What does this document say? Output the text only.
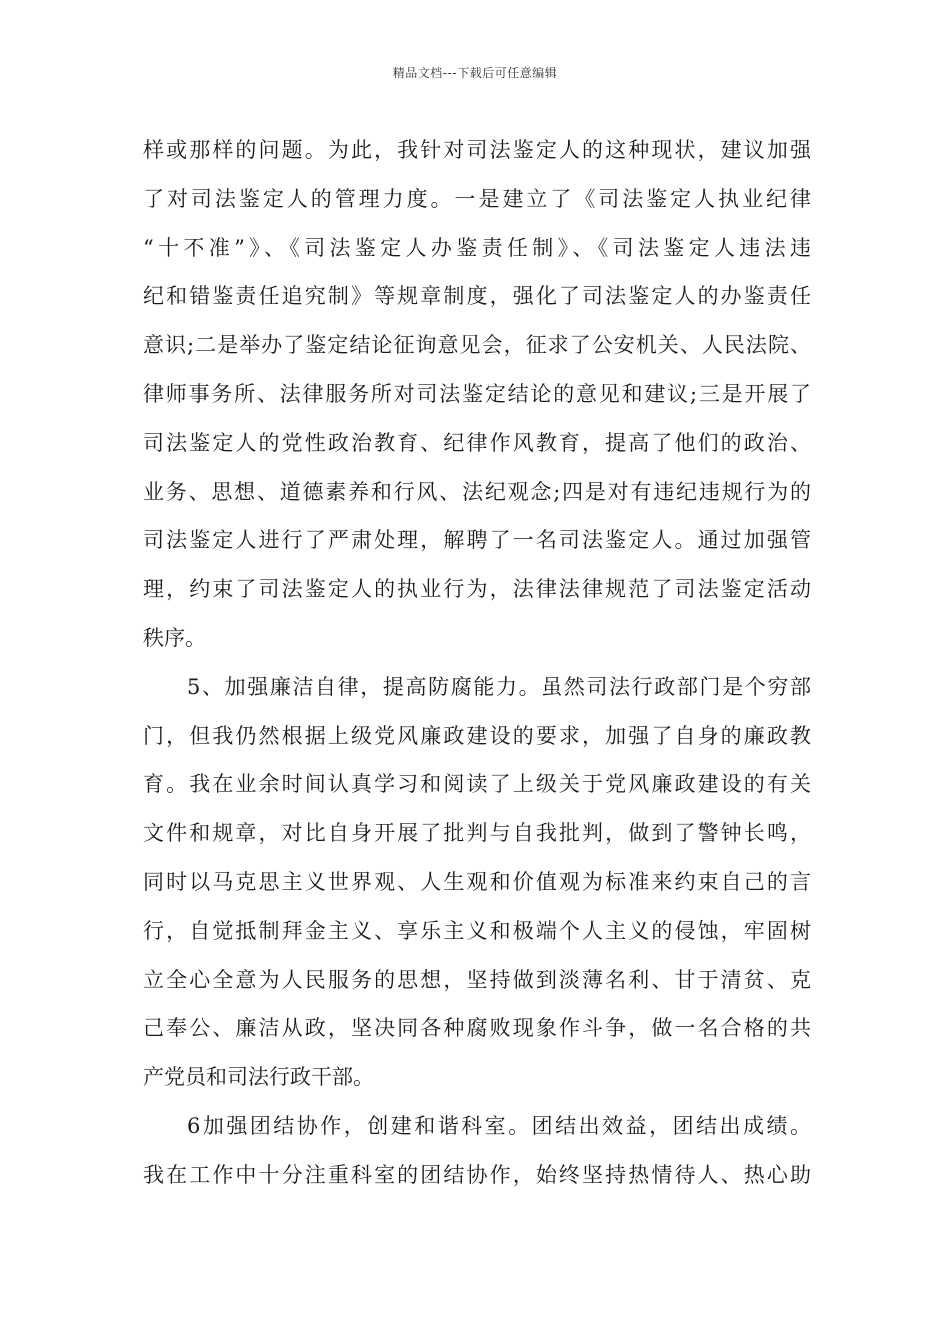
精品文档---下载后可任意编辑
样或那样的问题。为此，我针对司法鉴定人的这种现状，建议加强
了对司法鉴定人的管理力度。一是建立了《司法鉴定人执业纪律
“十不准”》、《司法鉴定人办鉴责任制》、《司法鉴定人违法违
纪和错鉴责任追究制》等规章制度，强化了司法鉴定人的办鉴责任
意识;二是举办了鉴定结论征询意见会，征求了公安机关、人民法院、
律师事务所、法律服务所对司法鉴定结论的意见和建议;三是开展了
司法鉴定人的党性政治教育、纪律作风教育，提高了他们的政治、
业务、思想、道德素养和行风、法纪观念;四是对有违纪违规行为的
司法鉴定人进行了严肃处理，解聘了一名司法鉴定人。通过加强管
理，约束了司法鉴定人的执业行为，法律法律规范了司法鉴定活动
秩序。
5、加强廉洁自律，提高防腐能力。虽然司法行政部门是个穷部
门，但我仍然根据上级党风廉政建设的要求，加强了自身的廉政教
育。我在业余时间认真学习和阅读了上级关于党风廉政建设的有关
文件和规章，对比自身开展了批判与自我批判，做到了警钟长鸣，
同时以马克思主义世界观、人生观和价值观为标准来约束自己的言
行，自觉抵制拜金主义、享乐主义和极端个人主义的侵蚀，牢固树
立全心全意为人民服务的思想，坚持做到淡薄名利、甘于清贫、克
己奉公、廉洁从政，坚决同各种腐败现象作斗争，做一名合格的共
产党员和司法行政干部。
6加强团结协作，创建和谐科室。团结出效益，团结出成绩。
我在工作中十分注重科室的团结协作，始终坚持热情待人、热心助
